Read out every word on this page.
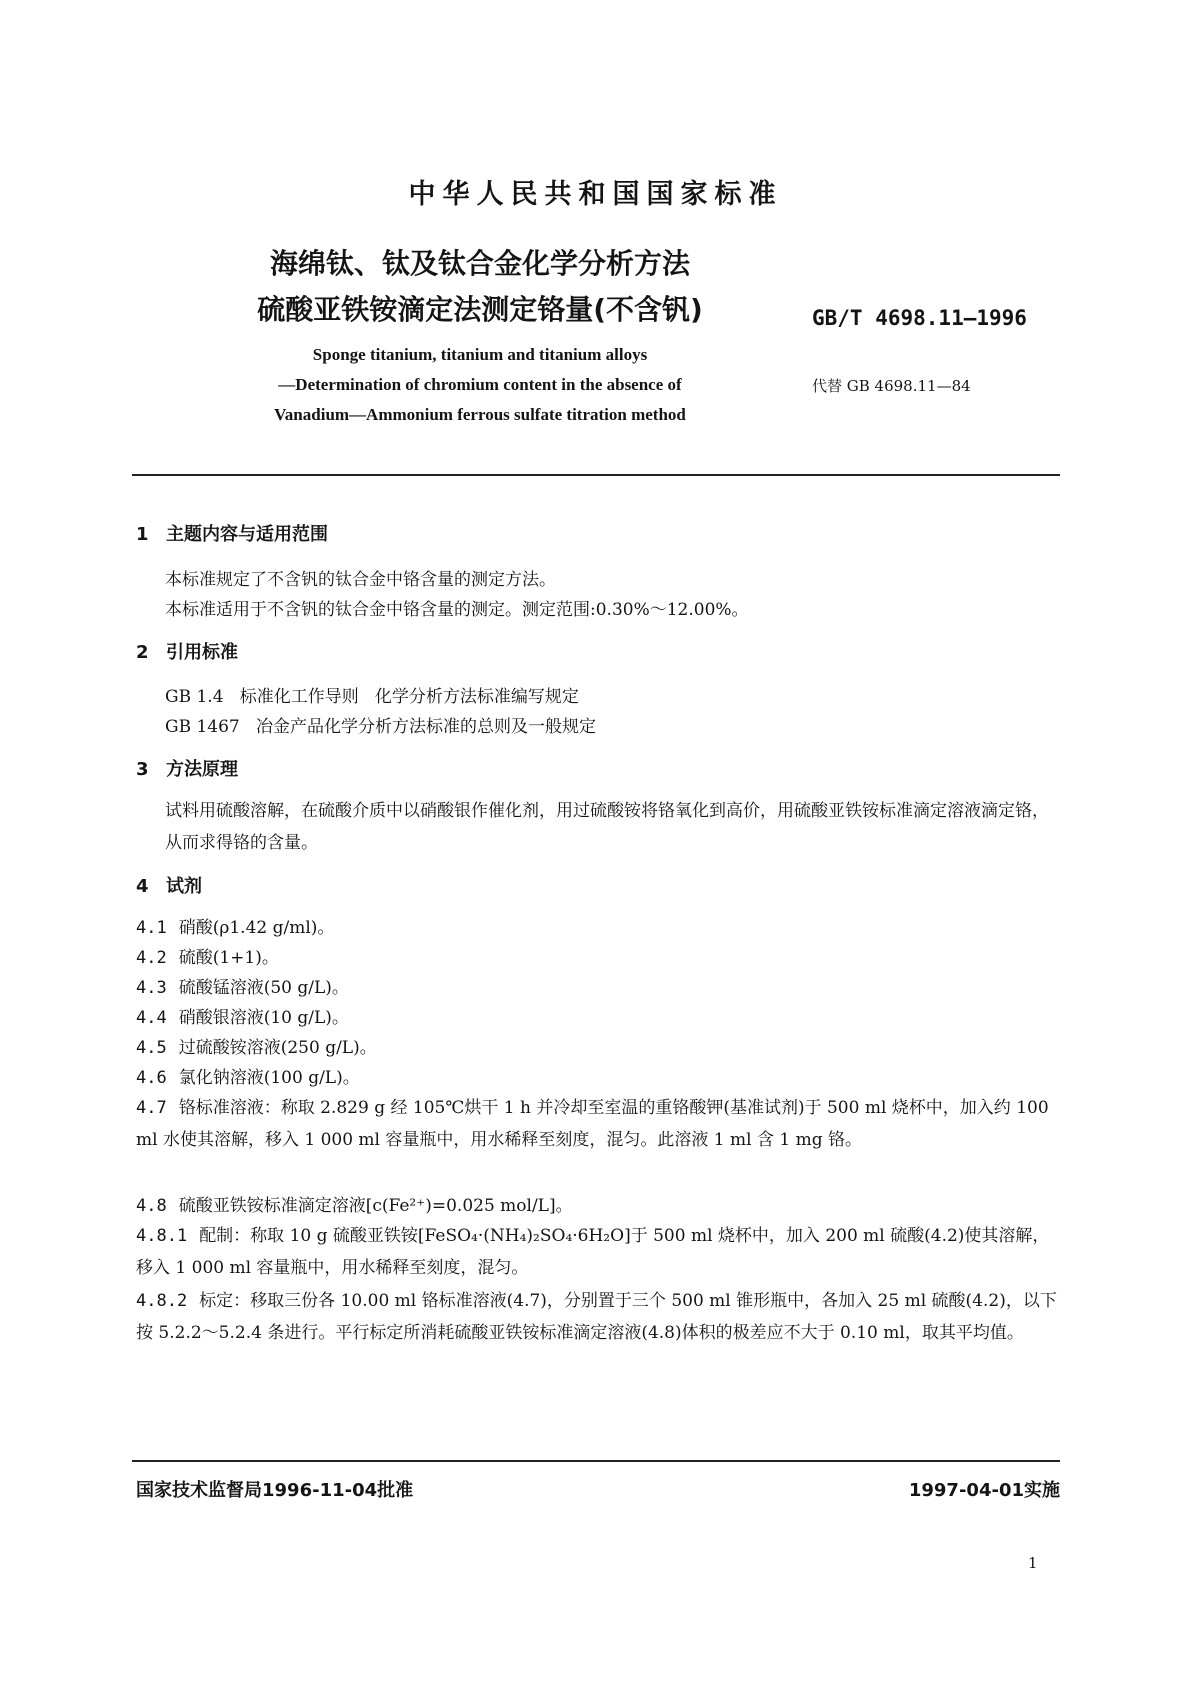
中华人民共和国国家标准
海绵钛、钛及钛合金化学分析方法
硫酸亚铁铵滴定法测定铬量(不含钒)	GB/T 4698.11—1996
代替 GB 4698.11—84
Sponge titanium, titanium and titanium alloys
—Determination of chromium content in the absence of
Vanadium—Ammonium ferrous sulfate titration method
1 主题内容与适用范围
本标准规定了不含钒的钛合金中铬含量的测定方法。
本标准适用于不含钒的钛合金中铬含量的测定。测定范围:0.30%～12.00%。
2 引用标准
GB 1.4   标准化工作导则   化学分析方法标准编写规定
GB 1467   冶金产品化学分析方法标准的总则及一般规定
3 方法原理
试料用硫酸溶解，在硫酸介质中以硝酸银作催化剂，用过硫酸铵将铬氧化到高价，用硫酸亚铁铵标准滴定溶液滴定铬，从而求得铬的含量。
4 试剂
4.1 硝酸(ρ1.42 g/ml)。
4.2 硫酸(1+1)。
4.3 硫酸锰溶液(50 g/L)。
4.4 硝酸银溶液(10 g/L)。
4.5 过硫酸铵溶液(250 g/L)。
4.6 氯化钠溶液(100 g/L)。
4.7 铬标准溶液：称取 2.829 g 经 105℃烘干 1 h 并冷却至室温的重铬酸钾(基准试剂)于 500 ml 烧杯中，加入约 100 ml 水使其溶解，移入 1 000 ml 容量瓶中，用水稀释至刻度，混匀。此溶液 1 ml 含 1 mg 铬。
4.8 硫酸亚铁铵标准滴定溶液[c(Fe²⁺)=0.025 mol/L]。
4.8.1 配制：称取 10 g 硫酸亚铁铵[FeSO₄·(NH₄)₂SO₄·6H₂O]于 500 ml 烧杯中，加入 200 ml 硫酸(4.2)使其溶解，移入 1 000 ml 容量瓶中，用水稀释至刻度，混匀。
4.8.2 标定：移取三份各 10.00 ml 铬标准溶液(4.7)，分别置于三个 500 ml 锥形瓶中，各加入 25 ml 硫酸(4.2)，以下按 5.2.2～5.2.4 条进行。平行标定所消耗硫酸亚铁铵标准滴定溶液(4.8)体积的极差应不大于 0.10 ml，取其平均值。
国家技术监督局1996-11-04批准	1997-04-01实施
1
